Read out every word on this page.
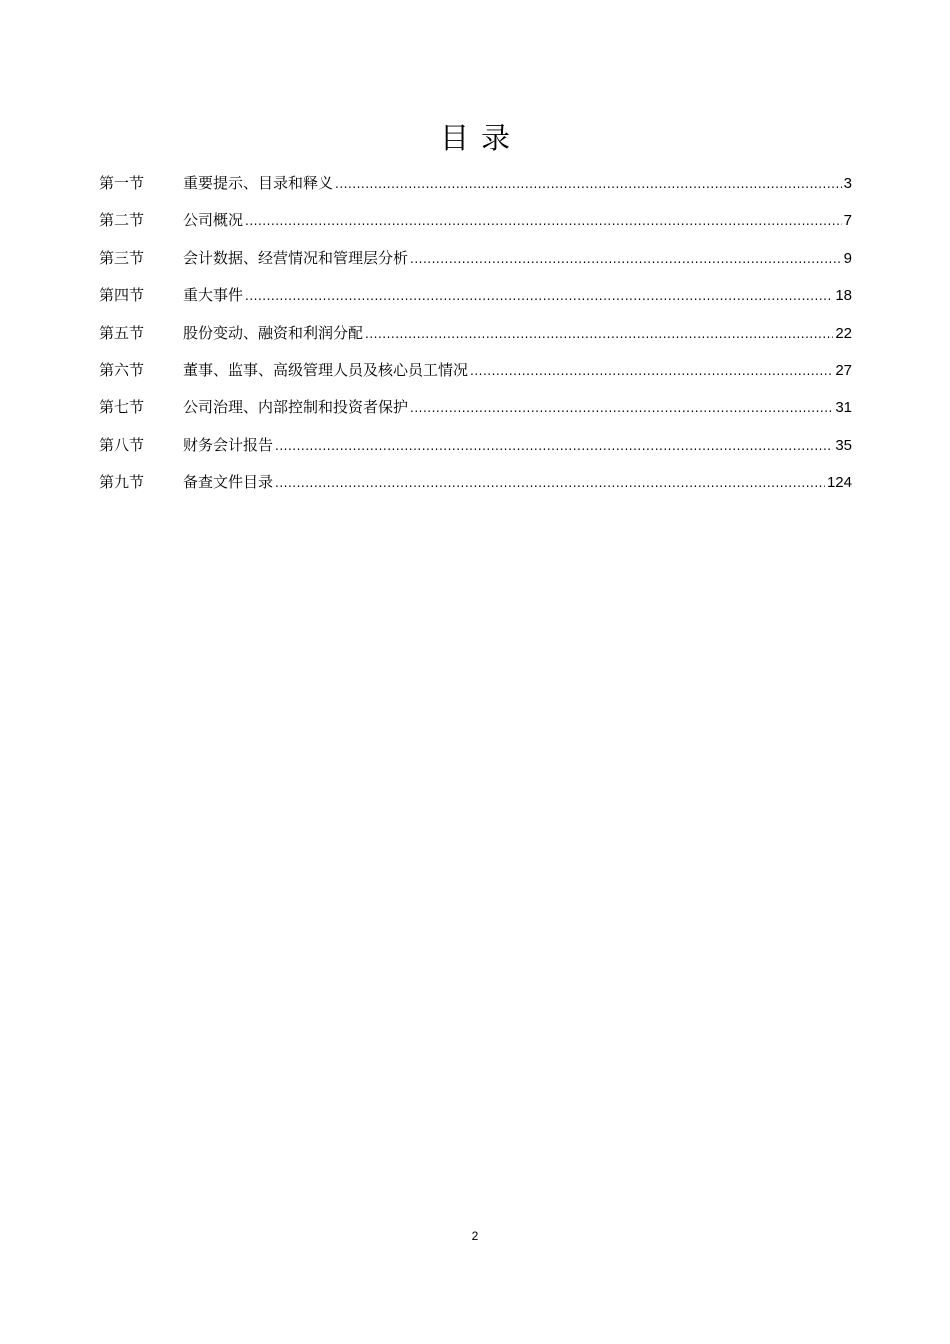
目录
第一节	重要提示、目录和释义 .....	3
第二节	公司概况 .....	7
第三节	会计数据、经营情况和管理层分析 .....	9
第四节	重大事件 .....	18
第五节	股份变动、融资和利润分配 .....	22
第六节	董事、监事、高级管理人员及核心员工情况 .....	27
第七节	公司治理、内部控制和投资者保护 .....	31
第八节	财务会计报告 .....	35
第九节	备查文件目录 .....	124
2
